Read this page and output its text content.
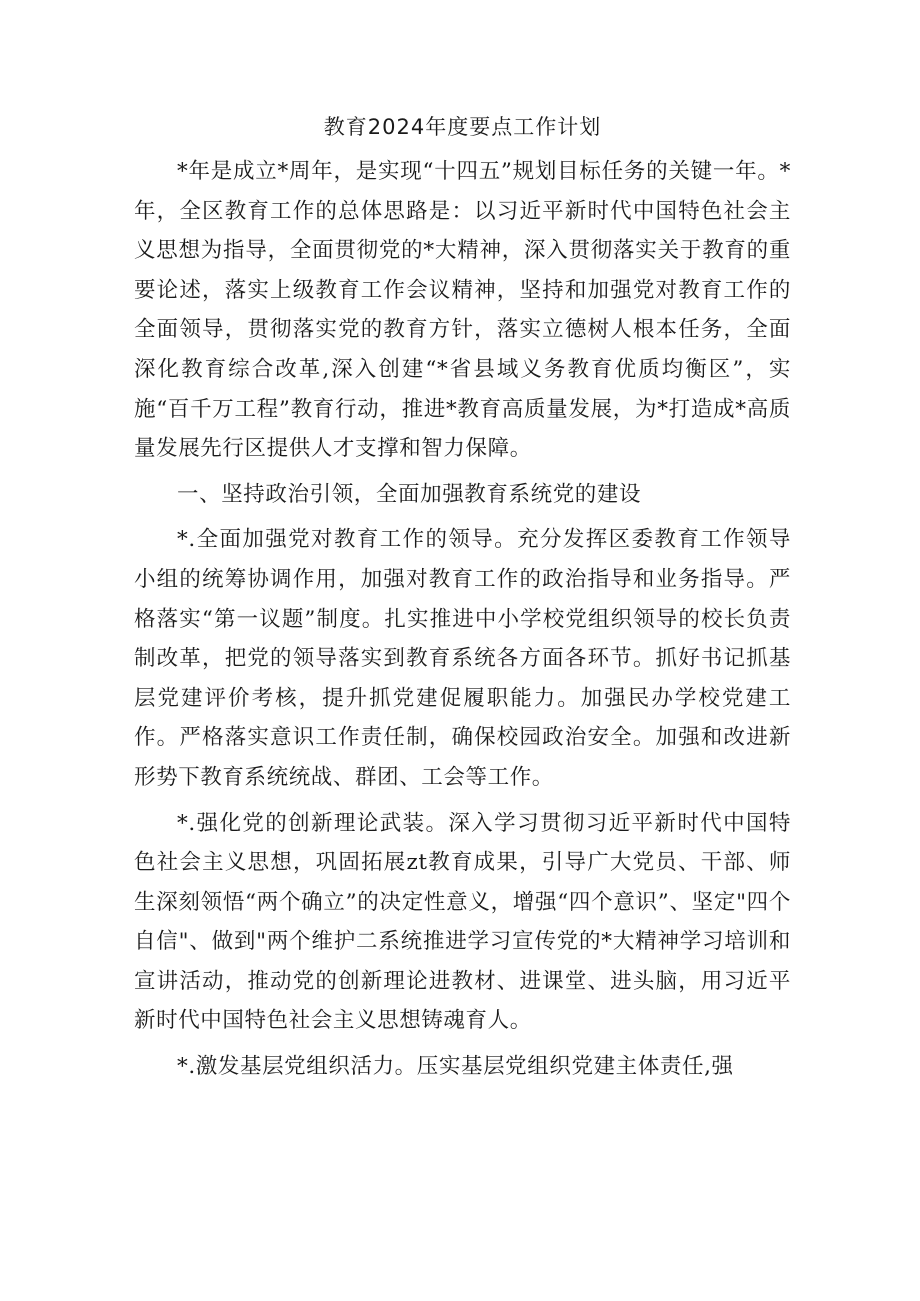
教育2024年度要点工作计划

*年是成立*周年，是实现“十四五”规划目标任务的关键一年。*年，全区教育工作的总体思路是：以习近平新时代中国特色社会主义思想为指导，全面贯彻党的*大精神，深入贯彻落实关于教育的重要论述，落实上级教育工作会议精神，坚持和加强党对教育工作的全面领导，贯彻落实党的教育方针，落实立德树人根本任务，全面深化教育综合改革,深入创建“*省县域义务教育优质均衡区”，实施“百千万工程”教育行动，推进*教育高质量发展，为*打造成*高质量发展先行区提供人才支撑和智力保障。

一、坚持政治引领，全面加强教育系统党的建设

*.全面加强党对教育工作的领导。充分发挥区委教育工作领导小组的统筹协调作用，加强对教育工作的政治指导和业务指导。严格落实“第一议题”制度。扎实推进中小学校党组织领导的校长负责制改革，把党的领导落实到教育系统各方面各环节。抓好书记抓基层党建评价考核，提升抓党建促履职能力。加强民办学校党建工作。严格落实意识工作责任制，确保校园政治安全。加强和改进新形势下教育系统统战、群团、工会等工作。

*.强化党的创新理论武装。深入学习贯彻习近平新时代中国特色社会主义思想，巩固拓展zt教育成果，引导广大党员、干部、师生深刻领悟“两个确立”的决定性意义，增强“四个意识”、坚定"四个自信"、做到"两个维护二系统推进学习宣传党的*大精神学习培训和宣讲活动，推动党的创新理论进教材、进课堂、进头脑，用习近平新时代中国特色社会主义思想铸魂育人。

*.激发基层党组织活力。压实基层党组织党建主体责任,强
